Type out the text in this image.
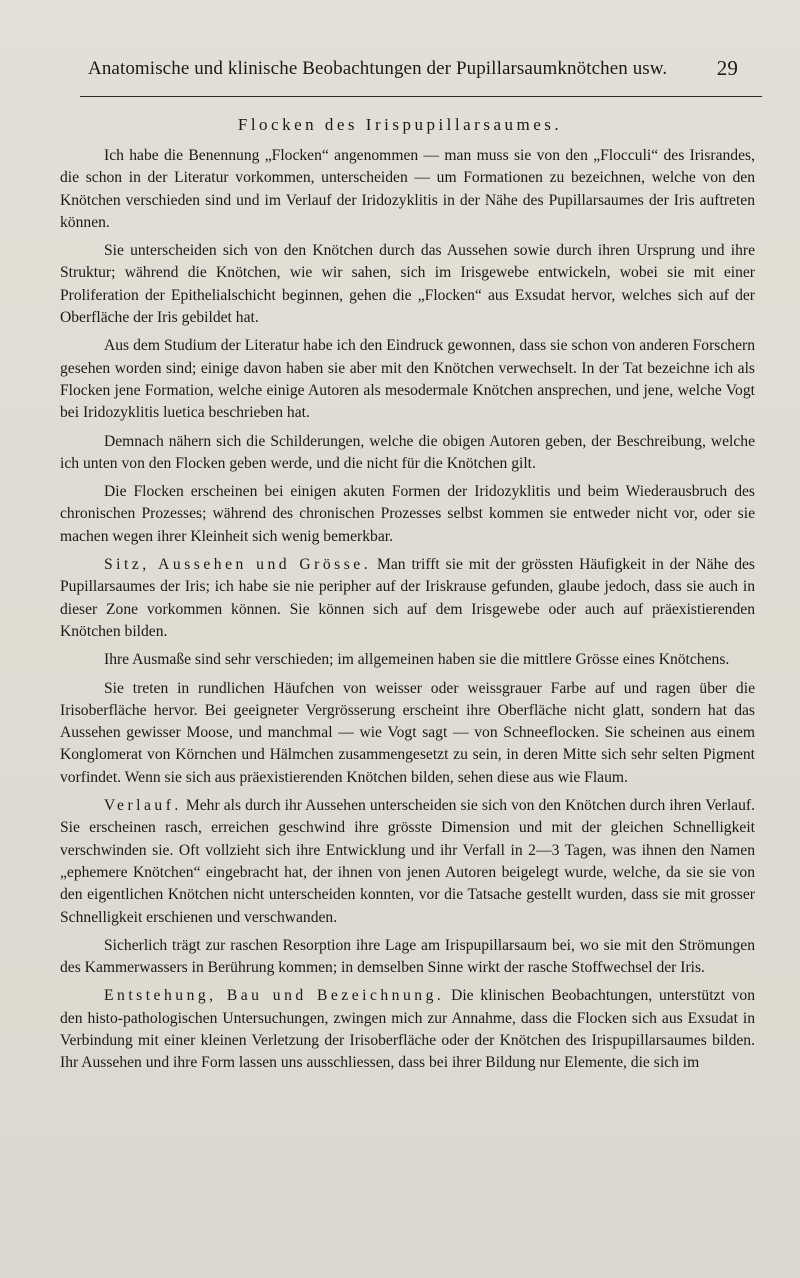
Anatomische und klinische Beobachtungen der Pupillarsaumknötchen usw. 29
Flocken des Irispupillarsaumes.

Ich habe die Benennung „Flocken“ angenommen — man muss sie von den „Flocculi“ des Irisrandes, die schon in der Literatur vorkommen, unterscheiden — um Formationen zu bezeichnen, welche von den Knötchen verschieden sind und im Verlauf der Iridozyklitis in der Nähe des Pupillarsaumes der Iris auftreten können.

Sie unterscheiden sich von den Knötchen durch das Aussehen sowie durch ihren Ursprung und ihre Struktur; während die Knötchen, wie wir sahen, sich im Irisgewebe entwickeln, wobei sie mit einer Proliferation der Epithelialschicht beginnen, gehen die „Flocken“ aus Exsudat hervor, welches sich auf der Oberfläche der Iris gebildet hat.

Aus dem Studium der Literatur habe ich den Eindruck gewonnen, dass sie schon von anderen Forschern gesehen worden sind; einige davon haben sie aber mit den Knötchen verwechselt. In der Tat bezeichne ich als Flocken jene Formation, welche einige Autoren als mesodermale Knötchen ansprechen, und jene, welche Vogt bei Iridozyklitis luetica beschrieben hat.

Demnach nähern sich die Schilderungen, welche die obigen Autoren geben, der Beschreibung, welche ich unten von den Flocken geben werde, und die nicht für die Knötchen gilt.

Die Flocken erscheinen bei einigen akuten Formen der Iridozyklitis und beim Wiederausbruch des chronischen Prozesses; während des chronischen Prozesses selbst kommen sie entweder nicht vor, oder sie machen wegen ihrer Kleinheit sich wenig bemerkbar.

Sitz, Aussehen und Grösse. Man trifft sie mit der grössten Häufigkeit in der Nähe des Pupillarsaumes der Iris; ich habe sie nie peripher auf der Iriskrause gefunden, glaube jedoch, dass sie auch in dieser Zone vorkommen können. Sie können sich auf dem Irisgewebe oder auch auf präexistierenden Knötchen bilden.

Ihre Ausmaße sind sehr verschieden; im allgemeinen haben sie die mittlere Grösse eines Knötchens.

Sie treten in rundlichen Häufchen von weisser oder weissgrauer Farbe auf und ragen über die Irisoberfläche hervor. Bei geeigneter Vergrösserung erscheint ihre Oberfläche nicht glatt, sondern hat das Aussehen gewisser Moose, und manchmal — wie Vogt sagt — von Schneeflocken. Sie scheinen aus einem Konglomerat von Körnchen und Hälmchen zusammengesetzt zu sein, in deren Mitte sich sehr selten Pigment vorfindet. Wenn sie sich aus präexistierenden Knötchen bilden, sehen diese aus wie Flaum.

Verlauf. Mehr als durch ihr Aussehen unterscheiden sie sich von den Knötchen durch ihren Verlauf. Sie erscheinen rasch, erreichen geschwind ihre grösste Dimension und mit der gleichen Schnelligkeit verschwinden sie. Oft vollzieht sich ihre Entwicklung und ihr Verfall in 2—3 Tagen, was ihnen den Namen „ephemere Knötchen“ eingebracht hat, der ihnen von jenen Autoren beigelegt wurde, welche, da sie sie von den eigentlichen Knötchen nicht unterscheiden konnten, vor die Tatsache gestellt wurden, dass sie mit grosser Schnelligkeit erschienen und verschwanden.

Sicherlich trägt zur raschen Resorption ihre Lage am Irispupillarsaum bei, wo sie mit den Strömungen des Kammerwassers in Berührung kommen; in demselben Sinne wirkt der rasche Stoffwechsel der Iris.

Entstehung, Bau und Bezeichnung. Die klinischen Beobachtungen, unterstützt von den histo-pathologischen Untersuchungen, zwingen mich zur Annahme, dass die Flocken sich aus Exsudat in Verbindung mit einer kleinen Verletzung der Irisoberfläche oder der Knötchen des Irispupillarsaumes bilden. Ihr Aussehen und ihre Form lassen uns ausschliessen, dass bei ihrer Bildung nur Elemente, die sich im
